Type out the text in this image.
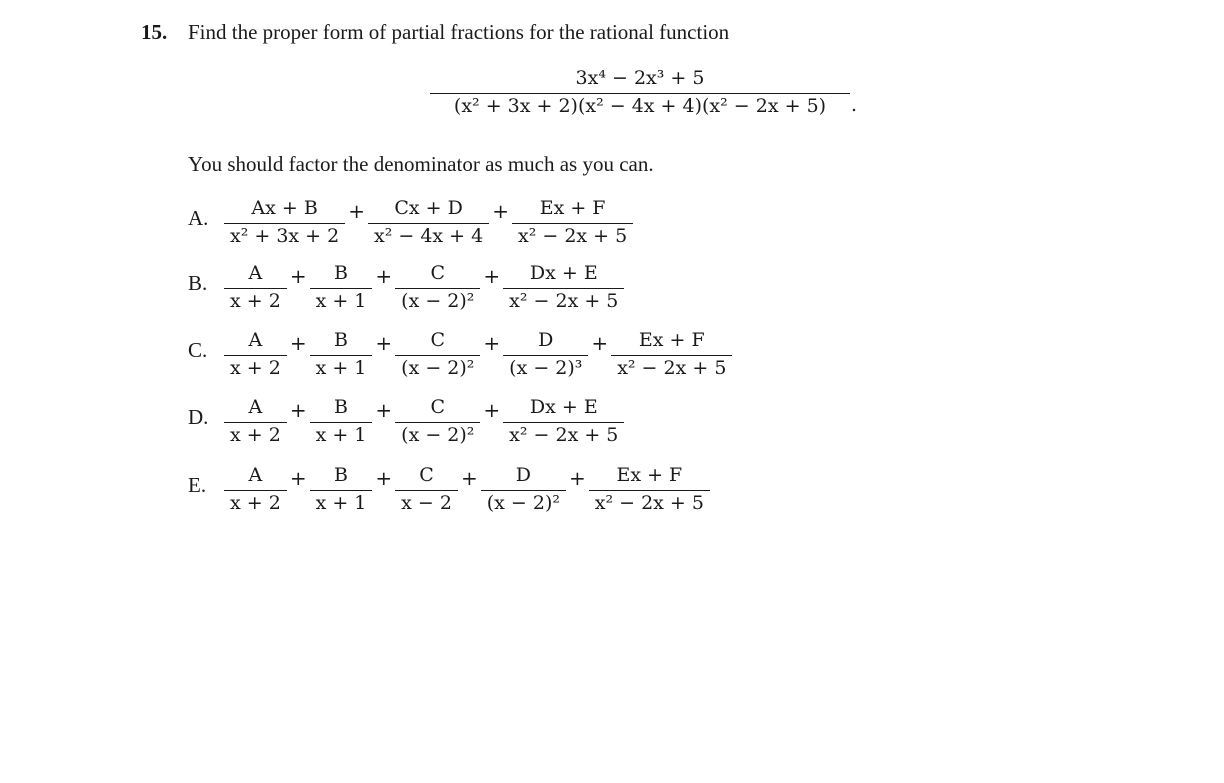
15. Find the proper form of partial fractions for the rational function
$\frac{\text{3x⁴ − 2x³ + 5}}{\text{(x² + 3x + 2)(x² − 4x + 4)(x² − 2x + 5)}}$ .
You should factor the denominator as much as you can.
A. $\frac{Ax + B}{\text{x² + 3x + 2}} + \frac{Cx + D}{\text{x² − 4x + 4}} + \frac{Ex + F}{\text{x² − 2x + 5}}$
B. $\frac{A}{x + 2} + \frac{B}{x + 1} + \frac{C}{\text{(x − 2)²}} + \frac{Dx + E}{\text{x² − 2x + 5}}$
C. $\frac{A}{x + 2} + \frac{B}{x + 1} + \frac{C}{\text{(x − 2)²}} + \frac{D}{\text{(x − 2)³}} + \frac{Ex + F}{\text{x² − 2x + 5}}$
D. $\frac{A}{x + 2} + \frac{B}{x + 1} + \frac{C}{\text{(x − 2)²}} + \frac{Dx + E}{\text{x² − 2x + 5}}$
E. $\frac{A}{x + 2} + \frac{B}{x + 1} + \frac{C}{x - 2} + \frac{D}{\text{(x − 2)²}} + \frac{Ex + F}{\text{x² − 2x + 5}}$
